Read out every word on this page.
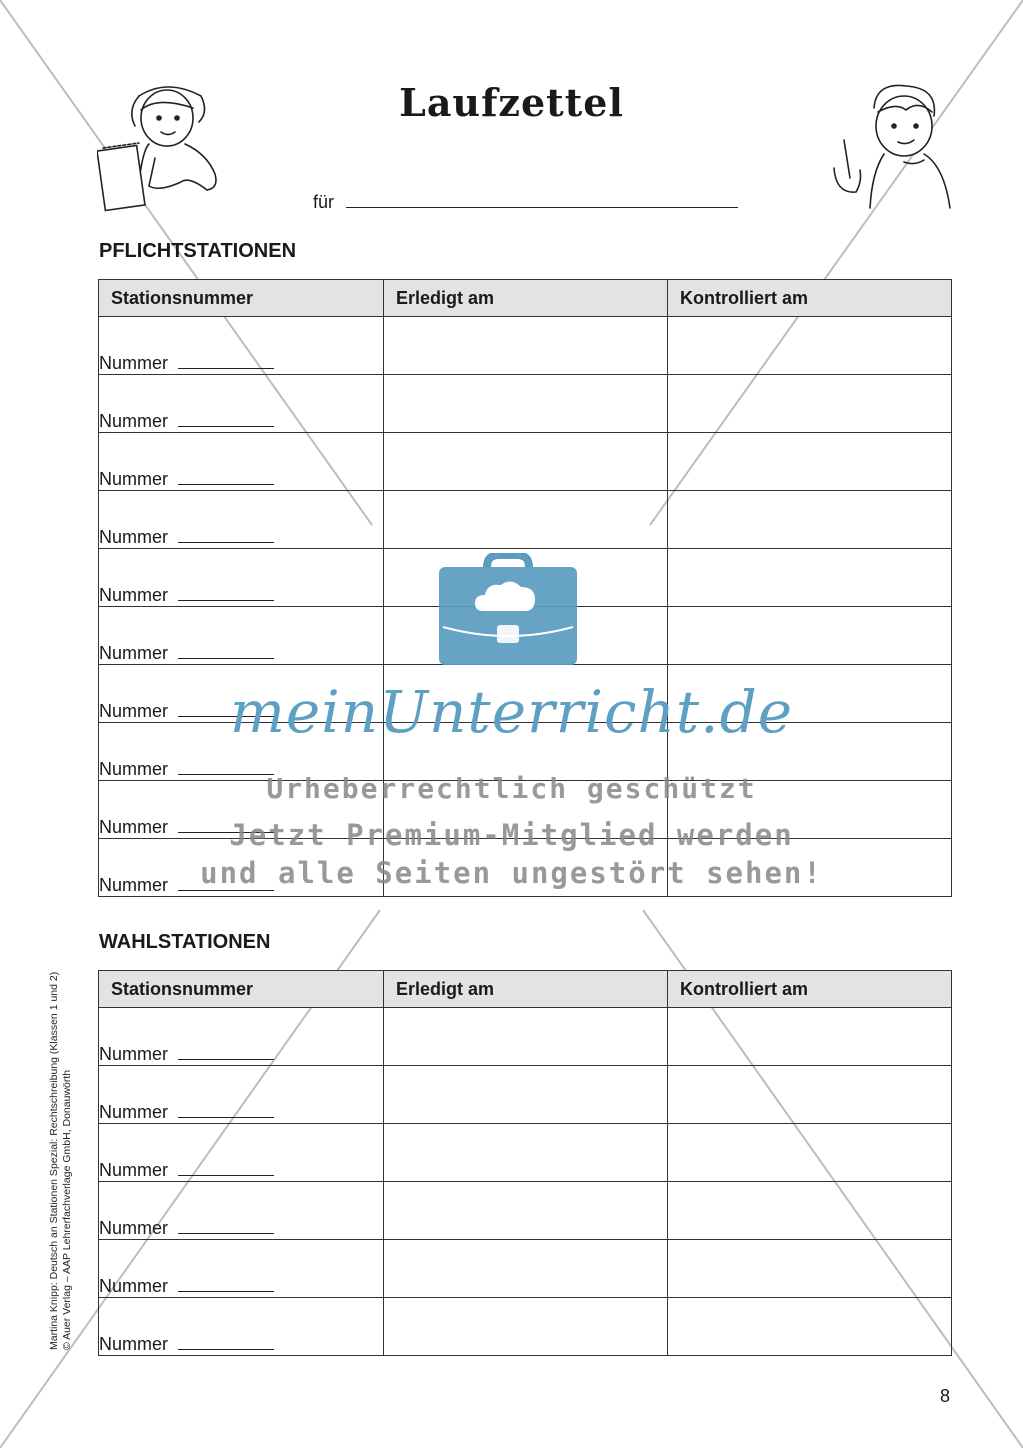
Laufzettel
für
PFLICHTSTATIONEN
Stationsnummer	Erledigt am	Kontrolliert am
Nummer		
Nummer		
Nummer		
Nummer		
Nummer		
Nummer		
Nummer		
Nummer		
Nummer		
Nummer		
WAHLSTATIONEN
Stationsnummer	Erledigt am	Kontrolliert am
Nummer		
Nummer		
Nummer		
Nummer		
Nummer		
Nummer		
8
Martina Knipp: Deutsch an Stationen Spezial: Rechtschreibung (Klassen 1 und 2) © Auer Verlag – AAP Lehrerfachverlage GmbH, Donauwörth
meinUnterricht.de
Urheberrechtlich geschützt
Jetzt Premium-Mitglied werden
und alle Seiten ungestört sehen!
